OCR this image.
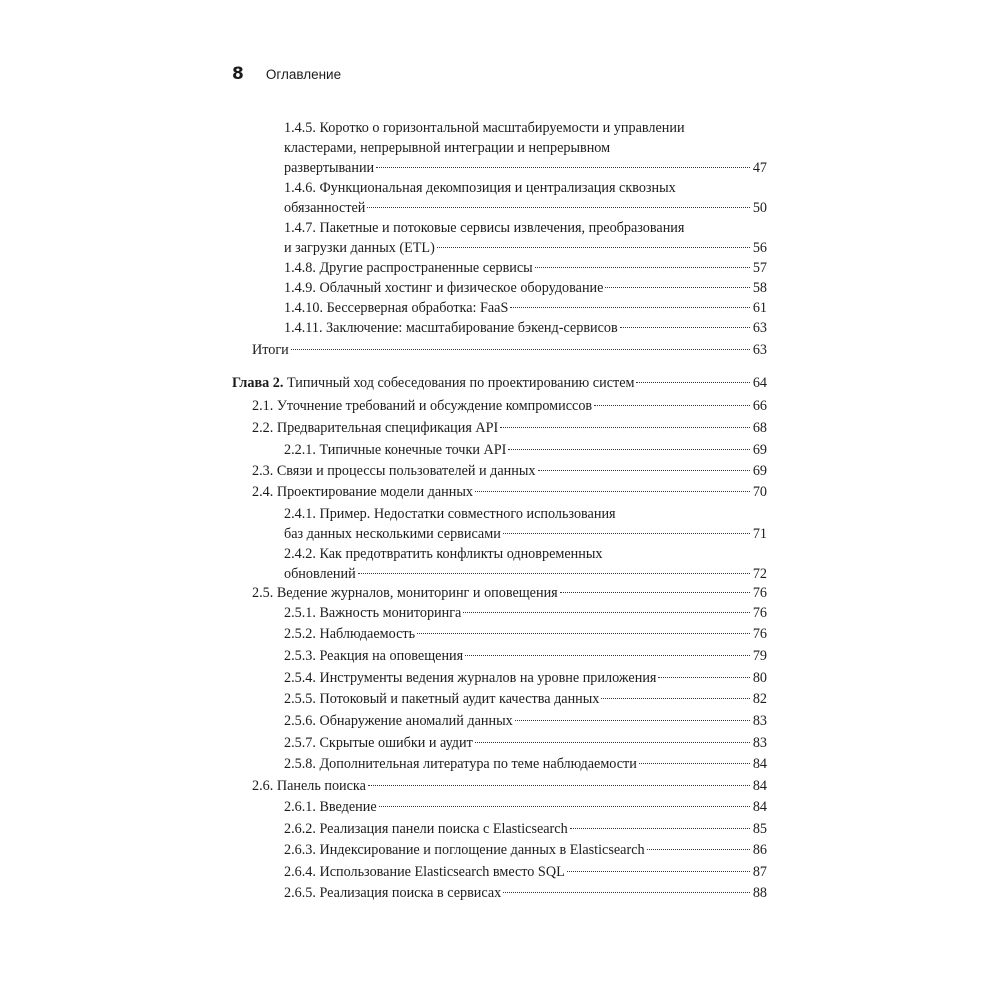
8 Оглавление
1.4.5. Коротко о горизонтальной масштабируемости и управлении
кластерами, непрерывной интеграции и непрерывном
развертывании	47
1.4.6. Функциональная декомпозиция и централизация сквозных
обязанностей	50
1.4.7. Пакетные и потоковые сервисы извлечения, преобразования
и загрузки данных (ETL)	56
1.4.8. Другие распространенные сервисы	57
1.4.9. Облачный хостинг и физическое оборудование	58
1.4.10. Бессерверная обработка: FaaS	61
1.4.11. Заключение: масштабирование бэкенд-сервисов	63
Итоги	63
Глава 2. Типичный ход собеседования по проектированию систем	64
2.1. Уточнение требований и обсуждение компромиссов	66
2.2. Предварительная спецификация API	68
2.2.1. Типичные конечные точки API	69
2.3. Связи и процессы пользователей и данных	69
2.4. Проектирование модели данных	70
2.4.1. Пример. Недостатки совместного использования
баз данных несколькими сервисами	71
2.4.2. Как предотвратить конфликты одновременных
обновлений	72
2.5. Ведение журналов, мониторинг и оповещения	76
2.5.1. Важность мониторинга	76
2.5.2. Наблюдаемость	76
2.5.3. Реакция на оповещения	79
2.5.4. Инструменты ведения журналов на уровне приложения	80
2.5.5. Потоковый и пакетный аудит качества данных	82
2.5.6. Обнаружение аномалий данных	83
2.5.7. Скрытые ошибки и аудит	83
2.5.8. Дополнительная литература по теме наблюдаемости	84
2.6. Панель поиска	84
2.6.1. Введение	84
2.6.2. Реализация панели поиска с Elasticsearch	85
2.6.3. Индексирование и поглощение данных в Elasticsearch	86
2.6.4. Использование Elasticsearch вместо SQL	87
2.6.5. Реализация поиска в сервисах	88
